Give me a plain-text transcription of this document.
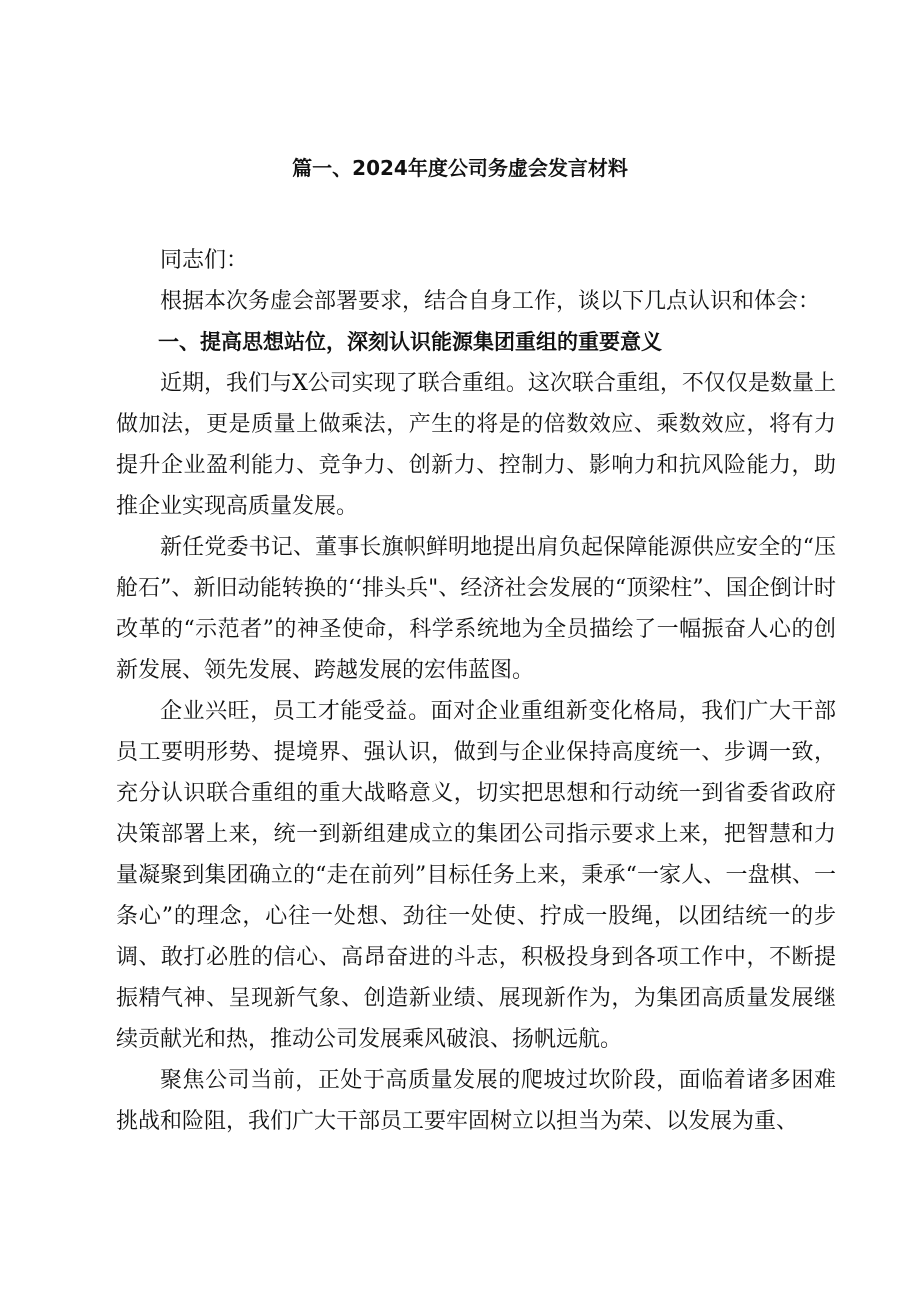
篇一、2024年度公司务虚会发言材料

同志们：

根据本次务虚会部署要求，结合自身工作，谈以下几点认识和体会：

一、提高思想站位，深刻认识能源集团重组的重要意义

近期，我们与X公司实现了联合重组。这次联合重组，不仅仅是数量上做加法，更是质量上做乘法，产生的将是的倍数效应、乘数效应，将有力提升企业盈利能力、竞争力、创新力、控制力、影响力和抗风险能力，助推企业实现高质量发展。

新任党委书记、董事长旗帜鲜明地提出肩负起保障能源供应安全的“压舱石”、新旧动能转换的‘‘排头兵"、经济社会发展的“顶梁柱”、国企倒计时改革的“示范者”的神圣使命，科学系统地为全员描绘了一幅振奋人心的创新发展、领先发展、跨越发展的宏伟蓝图。

企业兴旺，员工才能受益。面对企业重组新变化格局，我们广大干部员工要明形势、提境界、强认识，做到与企业保持高度统一、步调一致，充分认识联合重组的重大战略意义，切实把思想和行动统一到省委省政府决策部署上来，统一到新组建成立的集团公司指示要求上来，把智慧和力量凝聚到集团确立的“走在前列”目标任务上来，秉承“一家人、一盘棋、一条心”的理念，心往一处想、劲往一处使、拧成一股绳，以团结统一的步调、敢打必胜的信心、高昂奋进的斗志，积极投身到各项工作中，不断提振精气神、呈现新气象、创造新业绩、展现新作为，为集团高质量发展继续贡献光和热，推动公司发展乘风破浪、扬帆远航。

聚焦公司当前，正处于高质量发展的爬坡过坎阶段，面临着诸多困难挑战和险阻，我们广大干部员工要牢固树立以担当为荣、以发展为重、
